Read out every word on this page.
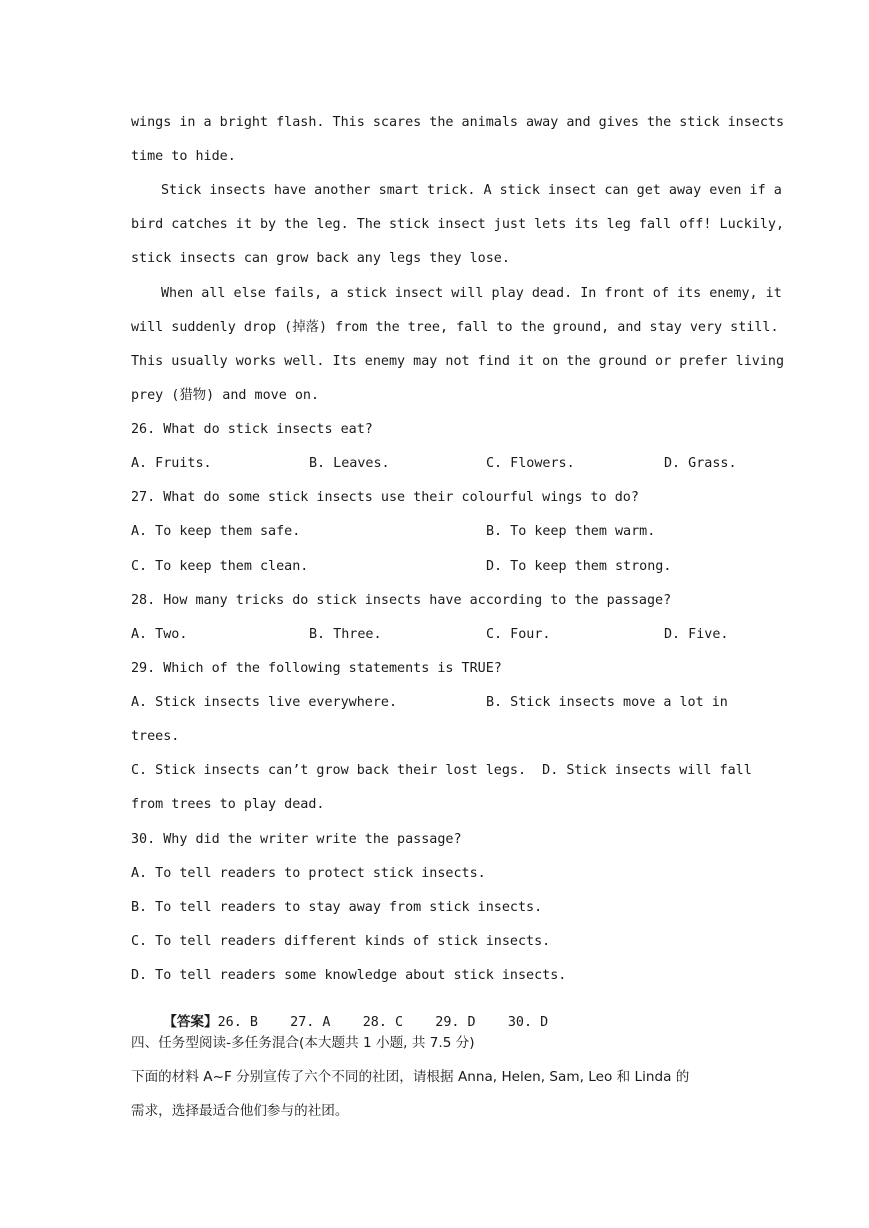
wings in a bright flash. This scares the animals away and gives the stick insects
time to hide.
Stick insects have another smart trick. A stick insect can get away even if a
bird catches it by the leg. The stick insect just lets its leg fall off! Luckily,
stick insects can grow back any legs they lose.
When all else fails, a stick insect will play dead. In front of its enemy, it
will suddenly drop (掉落) from the tree, fall to the ground, and stay very still.
This usually works well. Its enemy may not find it on the ground or prefer living
prey (猎物) and move on.
26. What do stick insects eat?
A. Fruits.	B. Leaves.	C. Flowers.	D. Grass.
27. What do some stick insects use their colourful wings to do?
A. To keep them safe.	B. To keep them warm.
C. To keep them clean.	D. To keep them strong.
28. How many tricks do stick insects have according to the passage?
A. Two.	B. Three.	C. Four.	D. Five.
29. Which of the following statements is TRUE?
A. Stick insects live everywhere.	B. Stick insects move a lot in
trees.
C. Stick insects can’t grow back their lost legs.  D. Stick insects will fall
from trees to play dead.
30. Why did the writer write the passage?
A. To tell readers to protect stick insects.
B. To tell readers to stay away from stick insects.
C. To tell readers different kinds of stick insects.
D. To tell readers some knowledge about stick insects.

【答案】26. B    27. A    28. C    29. D    30. D

四、任务型阅读-多任务混合(本大题共 1 小题, 共 7.5 分)
下面的材料 A~F 分别宣传了六个不同的社团，请根据 Anna, Helen, Sam, Leo 和 Linda 的
需求，选择最适合他们参与的社团。
